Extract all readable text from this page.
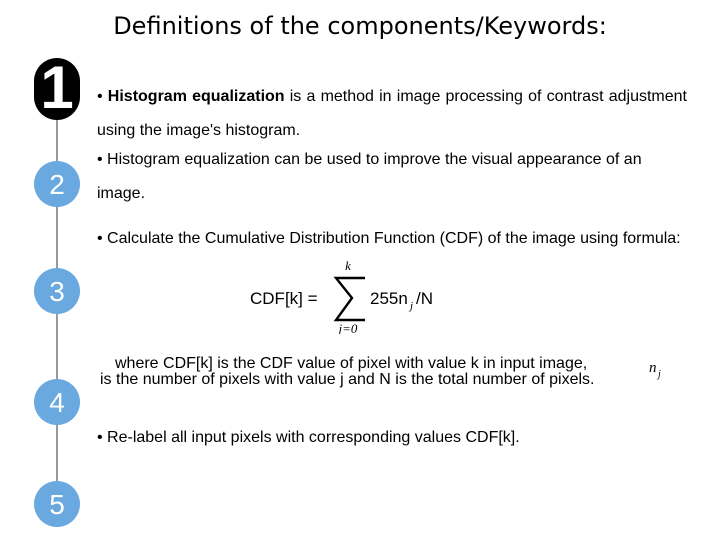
Definitions of the components/Keywords:
1
2
3
4
5
• Histogram equalization is a method in image processing of contrast adjustment using the image's histogram.
• Histogram equalization can be used to improve the visual appearance of an image.
• Calculate the Cumulative Distribution Function (CDF) of the image using formula:
CDF[k] =
k
j=0
255n j /N
where CDF[k] is the CDF value of pixel with value k in input image,
is the number of pixels with value j and N is the total number of pixels.
n j
• Re-label all input pixels with corresponding values CDF[k].
